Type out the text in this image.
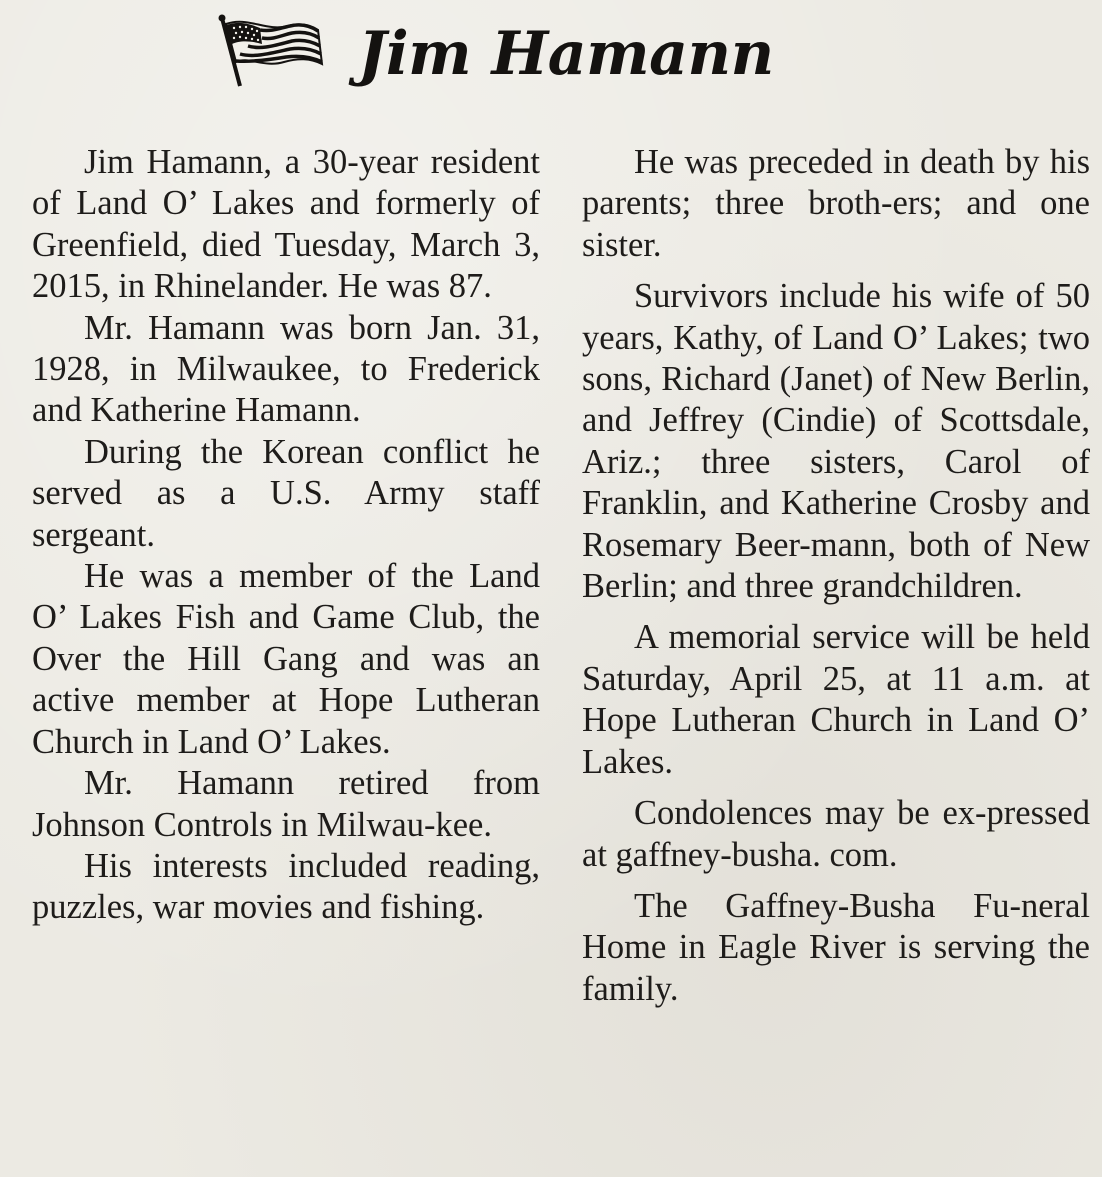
Jim Hamann

Jim Hamann, a 30-year resident of Land O’ Lakes and formerly of Greenfield, died Tuesday, March 3, 2015, in Rhinelander. He was 87.

Mr. Hamann was born Jan. 31, 1928, in Milwaukee, to Frederick and Katherine Hamann.

During the Korean conflict he served as a U.S. Army staff sergeant.

He was a member of the Land O’ Lakes Fish and Game Club, the Over the Hill Gang and was an active member at Hope Lutheran Church in Land O’ Lakes.

Mr. Hamann retired from Johnson Controls in Milwau-kee.

His interests included reading, puzzles, war movies and fishing.

He was preceded in death by his parents; three broth-ers; and one sister.

Survivors include his wife of 50 years, Kathy, of Land O’ Lakes; two sons, Richard (Janet) of New Berlin, and Jeffrey (Cindie) of Scottsdale, Ariz.; three sisters, Carol of Franklin, and Katherine Crosby and Rosemary Beer-mann, both of New Berlin; and three grandchildren.

A memorial service will be held Saturday, April 25, at 11 a.m. at Hope Lutheran Church in Land O’ Lakes.

Condolences may be ex-pressed at gaffney-busha. com.

The Gaffney-Busha Fu-neral Home in Eagle River is serving the family.
